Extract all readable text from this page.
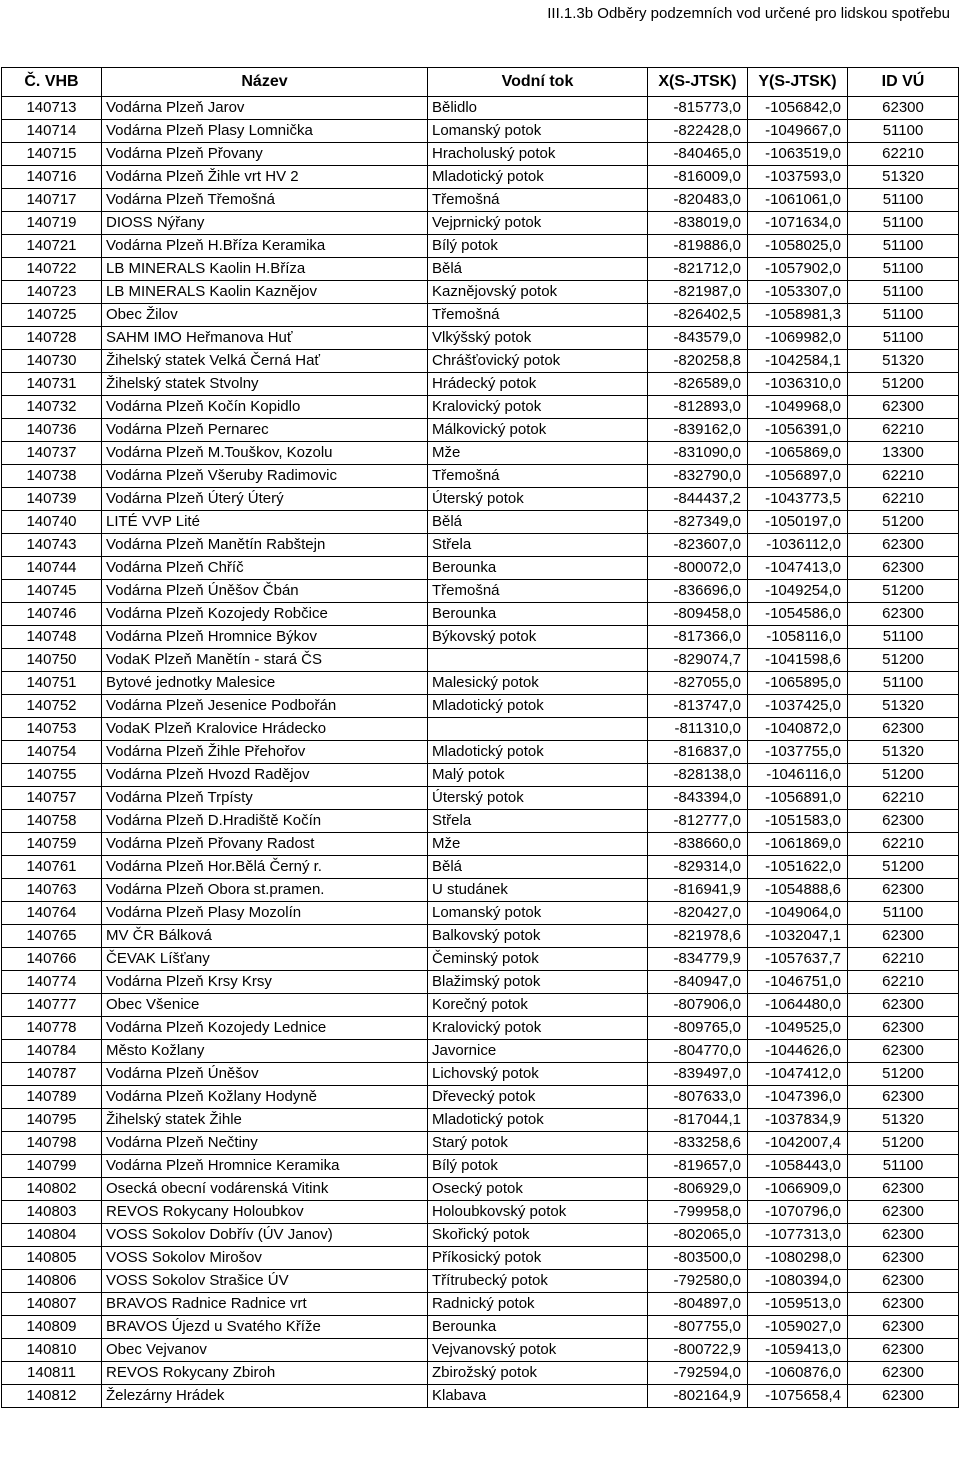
III.1.3b Odběry podzemních vod určené pro lidskou spotřebu
Č. VHB	Název	Vodní tok	X(S-JTSK)	Y(S-JTSK)	ID VÚ
140713	Vodárna Plzeň Jarov	Bělidlo	-815773,0	-1056842,0	62300
140714	Vodárna Plzeň Plasy Lomnička	Lomanský potok	-822428,0	-1049667,0	51100
140715	Vodárna Plzeň Přovany	Hracholuský potok	-840465,0	-1063519,0	62210
140716	Vodárna Plzeň Žihle vrt HV 2	Mladotický potok	-816009,0	-1037593,0	51320
140717	Vodárna Plzeň Třemošná	Třemošná	-820483,0	-1061061,0	51100
140719	DIOSS Nýřany	Vejprnický potok	-838019,0	-1071634,0	51100
140721	Vodárna Plzeň H.Bříza Keramika	Bílý potok	-819886,0	-1058025,0	51100
140722	LB MINERALS Kaolin H.Bříza	Bělá	-821712,0	-1057902,0	51100
140723	LB MINERALS Kaolin Kaznějov	Kaznějovský potok	-821987,0	-1053307,0	51100
140725	Obec Žilov	Třemošná	-826402,5	-1058981,3	51100
140728	SAHM IMO Heřmanova Huť	Vlkýšský potok	-843579,0	-1069982,0	51100
140730	Žihelský statek Velká Černá Hať	Chrášťovický potok	-820258,8	-1042584,1	51320
140731	Žihelský statek Stvolny	Hrádecký potok	-826589,0	-1036310,0	51200
140732	Vodárna Plzeň Kočín Kopidlo	Kralovický potok	-812893,0	-1049968,0	62300
140736	Vodárna Plzeň Pernarec	Málkovický potok	-839162,0	-1056391,0	62210
140737	Vodárna Plzeň M.Touškov, Kozolu	Mže	-831090,0	-1065869,0	13300
140738	Vodárna Plzeň Všeruby Radimovic	Třemošná	-832790,0	-1056897,0	62210
140739	Vodárna Plzeň Úterý Úterý	Úterský potok	-844437,2	-1043773,5	62210
140740	LITÉ VVP Lité	Bělá	-827349,0	-1050197,0	51200
140743	Vodárna Plzeň Manětín Rabštejn	Střela	-823607,0	-1036112,0	62300
140744	Vodárna Plzeň Chříč	Berounka	-800072,0	-1047413,0	62300
140745	Vodárna Plzeň Úněšov Čbán	Třemošná	-836696,0	-1049254,0	51200
140746	Vodárna Plzeň Kozojedy Robčice	Berounka	-809458,0	-1054586,0	62300
140748	Vodárna Plzeň Hromnice Býkov	Býkovský potok	-817366,0	-1058116,0	51100
140750	VodaK Plzeň Manětín - stará ČS		-829074,7	-1041598,6	51200
140751	Bytové jednotky Malesice	Malesický potok	-827055,0	-1065895,0	51100
140752	Vodárna Plzeň Jesenice Podbořán	Mladotický potok	-813747,0	-1037425,0	51320
140753	VodaK Plzeň Kralovice Hrádecko		-811310,0	-1040872,0	62300
140754	Vodárna Plzeň Žihle Přehořov	Mladotický potok	-816837,0	-1037755,0	51320
140755	Vodárna Plzeň Hvozd Radějov	Malý potok	-828138,0	-1046116,0	51200
140757	Vodárna Plzeň Trpísty	Úterský potok	-843394,0	-1056891,0	62210
140758	Vodárna Plzeň D.Hradiště Kočín	Střela	-812777,0	-1051583,0	62300
140759	Vodárna Plzeň Přovany Radost	Mže	-838660,0	-1061869,0	62210
140761	Vodárna Plzeň Hor.Bělá Černý r.	Bělá	-829314,0	-1051622,0	51200
140763	Vodárna Plzeň Obora st.pramen.	U studánek	-816941,9	-1054888,6	62300
140764	Vodárna Plzeň Plasy Mozolín	Lomanský potok	-820427,0	-1049064,0	51100
140765	MV ČR Bálková	Balkovský potok	-821978,6	-1032047,1	62300
140766	ČEVAK Líšťany	Čeminský potok	-834779,9	-1057637,7	62210
140774	Vodárna Plzeň Krsy Krsy	Blažimský potok	-840947,0	-1046751,0	62210
140777	Obec Všenice	Korečný potok	-807906,0	-1064480,0	62300
140778	Vodárna Plzeň Kozojedy Lednice	Kralovický potok	-809765,0	-1049525,0	62300
140784	Město Kožlany	Javornice	-804770,0	-1044626,0	62300
140787	Vodárna Plzeň Úněšov	Lichovský potok	-839497,0	-1047412,0	51200
140789	Vodárna Plzeň Kožlany Hodyně	Dřevecký potok	-807633,0	-1047396,0	62300
140795	Žihelský statek Žihle	Mladotický potok	-817044,1	-1037834,9	51320
140798	Vodárna Plzeň Nečtiny	Starý potok	-833258,6	-1042007,4	51200
140799	Vodárna Plzeň Hromnice Keramika	Bílý potok	-819657,0	-1058443,0	51100
140802	Osecká obecní vodárenská Vitink	Osecký potok	-806929,0	-1066909,0	62300
140803	REVOS Rokycany Holoubkov	Holoubkovský potok	-799958,0	-1070796,0	62300
140804	VOSS Sokolov Dobřív (ÚV Janov)	Skořický potok	-802065,0	-1077313,0	62300
140805	VOSS Sokolov Mirošov	Příkosický potok	-803500,0	-1080298,0	62300
140806	VOSS Sokolov Strašice ÚV	Třítrubecký potok	-792580,0	-1080394,0	62300
140807	BRAVOS Radnice Radnice vrt	Radnický potok	-804897,0	-1059513,0	62300
140809	BRAVOS Újezd u Svatého Kříže	Berounka	-807755,0	-1059027,0	62300
140810	Obec Vejvanov	Vejvanovský potok	-800722,9	-1059413,0	62300
140811	REVOS Rokycany Zbiroh	Zbirožský potok	-792594,0	-1060876,0	62300
140812	Železárny Hrádek	Klabava	-802164,9	-1075658,4	62300
